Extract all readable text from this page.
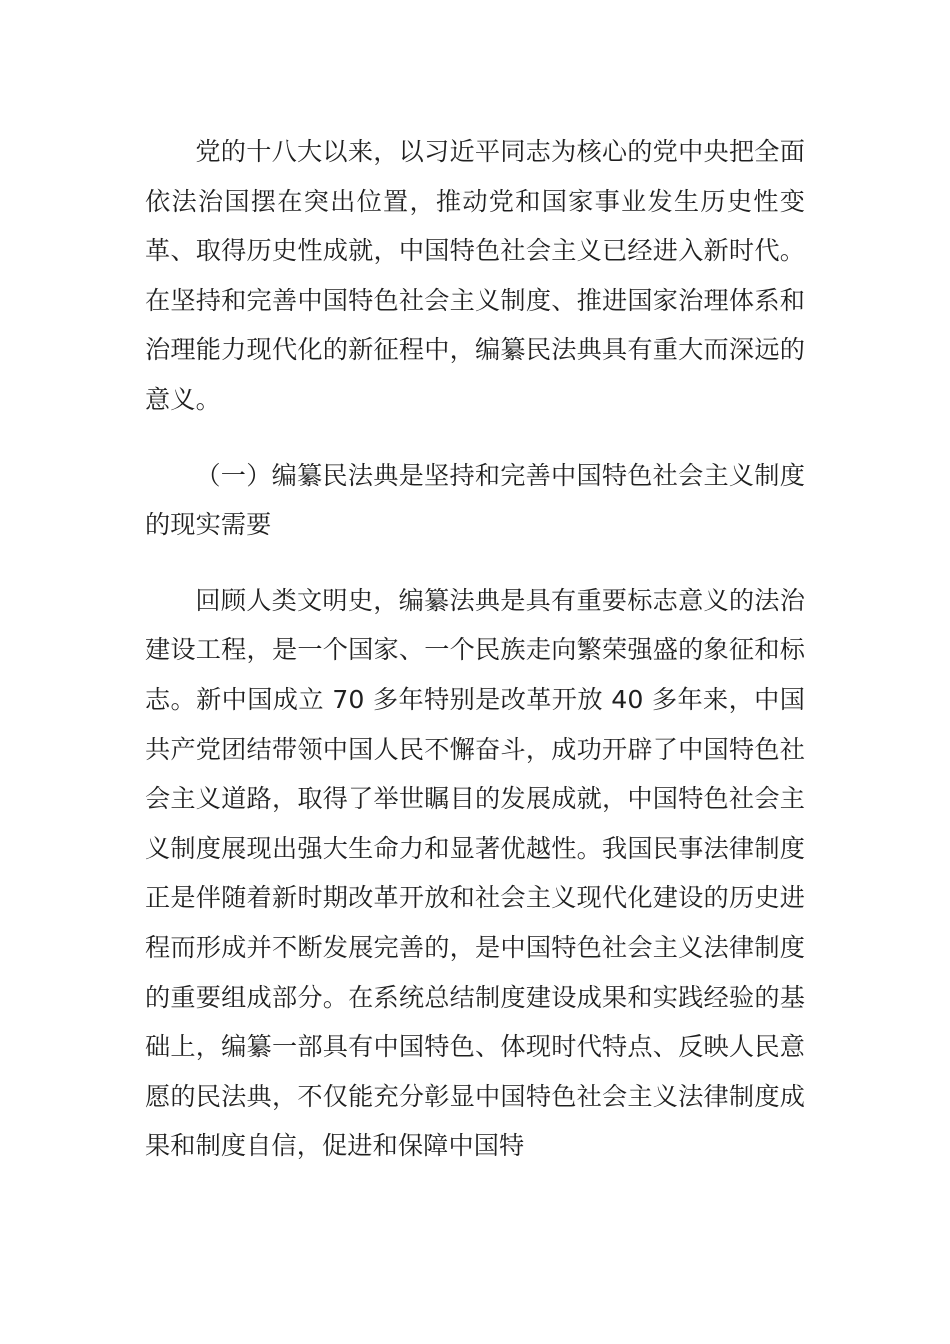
党的十八大以来，以习近平同志为核心的党中央把全面依法治国摆在突出位置，推动党和国家事业发生历史性变革、取得历史性成就，中国特色社会主义已经进入新时代。在坚持和完善中国特色社会主义制度、推进国家治理体系和治理能力现代化的新征程中，编纂民法典具有重大而深远的意义。

（一）编纂民法典是坚持和完善中国特色社会主义制度的现实需要

回顾人类文明史，编纂法典是具有重要标志意义的法治建设工程，是一个国家、一个民族走向繁荣强盛的象征和标志。新中国成立 70 多年特别是改革开放 40 多年来，中国共产党团结带领中国人民不懈奋斗，成功开辟了中国特色社会主义道路，取得了举世瞩目的发展成就，中国特色社会主义制度展现出强大生命力和显著优越性。我国民事法律制度正是伴随着新时期改革开放和社会主义现代化建设的历史进程而形成并不断发展完善的，是中国特色社会主义法律制度的重要组成部分。在系统总结制度建设成果和实践经验的基础上，编纂一部具有中国特色、体现时代特点、反映人民意愿的民法典，不仅能充分彰显中国特色社会主义法律制度成果和制度自信，促进和保障中国特
